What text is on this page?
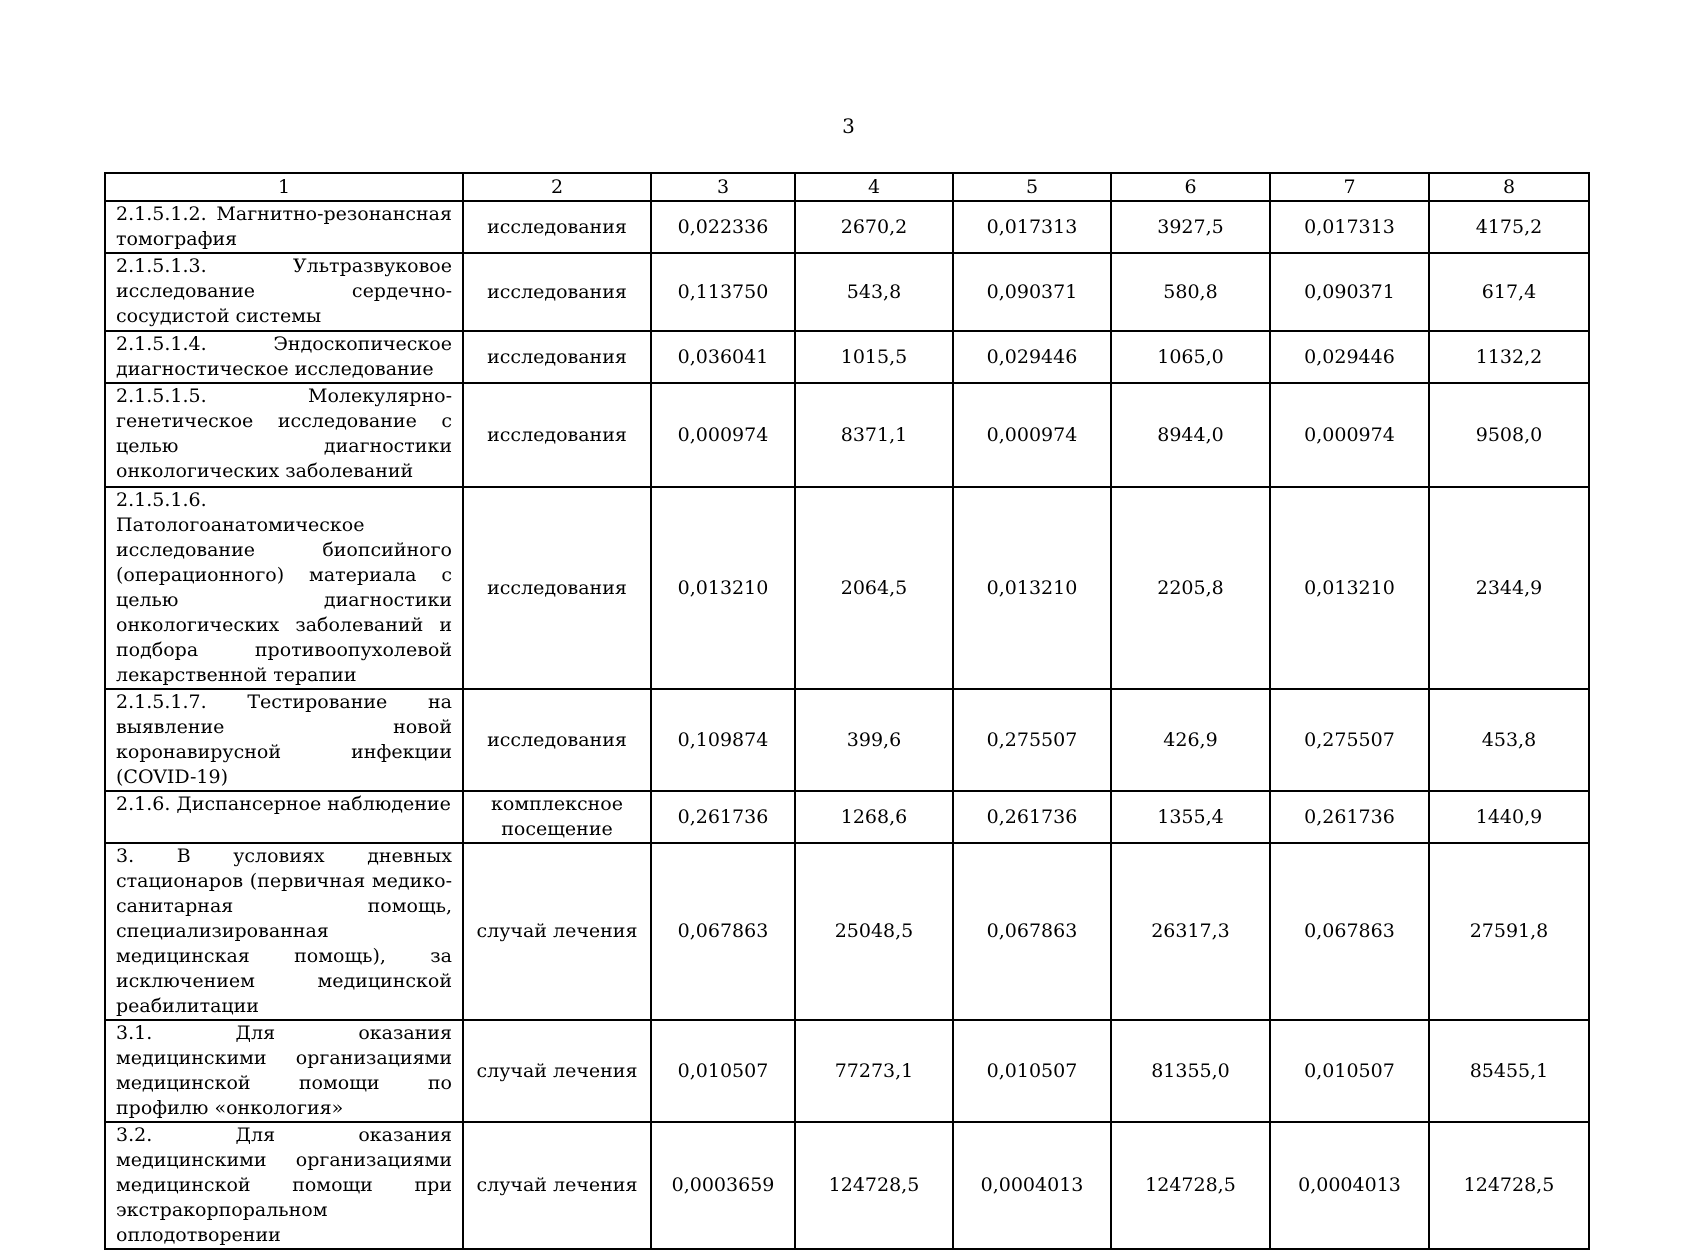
3
1	2	3	4	5	6	7	8
2.1.5.1.2. Магнитно-резонансная томография	исследования	0,022336	2670,2	0,017313	3927,5	0,017313	4175,2
2.1.5.1.3. Ультразвуковое исследование сердечно-сосудистой системы	исследования	0,113750	543,8	0,090371	580,8	0,090371	617,4
2.1.5.1.4. Эндоскопическое диагностическое исследование	исследования	0,036041	1015,5	0,029446	1065,0	0,029446	1132,2
2.1.5.1.5. Молекулярно-генетическое исследование с целью диагностики онкологических заболеваний	исследования	0,000974	8371,1	0,000974	8944,0	0,000974	9508,0
2.1.5.1.6. Патологоанатомическое исследование биопсийного (операционного) материала с целью диагностики онкологических заболеваний и подбора противоопухолевой лекарственной терапии	исследования	0,013210	2064,5	0,013210	2205,8	0,013210	2344,9
2.1.5.1.7. Тестирование на выявление новой коронавирусной инфекции (COVID-19)	исследования	0,109874	399,6	0,275507	426,9	0,275507	453,8
2.1.6. Диспансерное наблюдение	комплексное посещение	0,261736	1268,6	0,261736	1355,4	0,261736	1440,9
3. В условиях дневных стационаров (первичная медико-санитарная помощь, специализированная медицинская помощь), за исключением медицинской реабилитации	случай лечения	0,067863	25048,5	0,067863	26317,3	0,067863	27591,8
3.1. Для оказания медицинскими организациями медицинской помощи по профилю «онкология»	случай лечения	0,010507	77273,1	0,010507	81355,0	0,010507	85455,1
3.2. Для оказания медицинскими организациями медицинской помощи при экстракорпоральном оплодотворении	случай лечения	0,0003659	124728,5	0,0004013	124728,5	0,0004013	124728,5
